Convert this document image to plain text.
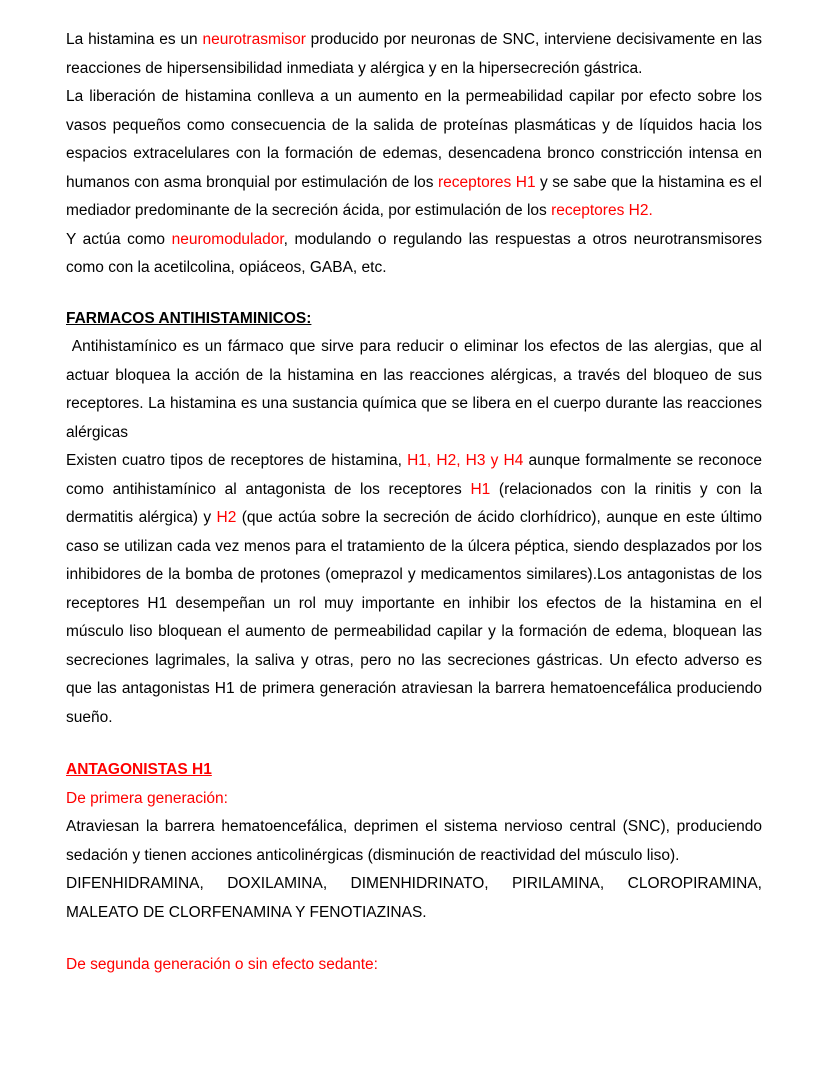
La histamina es un neurotrasmisor producido por neuronas de SNC, interviene decisivamente en las reacciones de hipersensibilidad inmediata y alérgica y en la hipersecreción gástrica.

La liberación de histamina conlleva a un aumento en la permeabilidad capilar por efecto sobre los vasos pequeños como consecuencia de la salida de proteínas plasmáticas y de líquidos hacia los espacios extracelulares con la formación de edemas, desencadena bronco constricción intensa en humanos con asma bronquial por estimulación de los receptores H1 y se sabe que la histamina es el mediador predominante de la secreción ácida, por estimulación de los receptores H2.

Y actúa como neuromodulador, modulando o regulando las respuestas a otros neurotransmisores como con la acetilcolina, opiáceos, GABA, etc.

FARMACOS ANTIHISTAMINICOS:

Antihistamínico es un fármaco que sirve para reducir o eliminar los efectos de las alergias, que al actuar bloquea la acción de la histamina en las reacciones alérgicas, a través del bloqueo de sus receptores. La histamina es una sustancia química que se libera en el cuerpo durante las reacciones alérgicas

Existen cuatro tipos de receptores de histamina, H1, H2, H3 y H4 aunque formalmente se reconoce como antihistamínico al antagonista de los receptores H1 (relacionados con la rinitis y con la dermatitis alérgica) y H2 (que actúa sobre la secreción de ácido clorhídrico), aunque en este último caso se utilizan cada vez menos para el tratamiento de la úlcera péptica, siendo desplazados por los inhibidores de la bomba de protones (omeprazol y medicamentos similares).Los antagonistas de los receptores H1 desempeñan un rol muy importante en inhibir los efectos de la histamina en el músculo liso bloquean el aumento de permeabilidad capilar y la formación de edema, bloquean las secreciones lagrimales, la saliva y otras, pero no las secreciones gástricas. Un efecto adverso es que las antagonistas H1 de primera generación atraviesan la barrera hematoencefálica produciendo sueño.

ANTAGONISTAS H1

De primera generación:

Atraviesan la barrera hematoencefálica, deprimen el sistema nervioso central (SNC), produciendo sedación y tienen acciones anticolinérgicas (disminución de reactividad del músculo liso).

DIFENHIDRAMINA, DOXILAMINA, DIMENHIDRINATO, PIRILAMINA, CLOROPIRAMINA, MALEATO DE CLORFENAMINA Y FENOTIAZINAS.

De segunda generación o sin efecto sedante:
